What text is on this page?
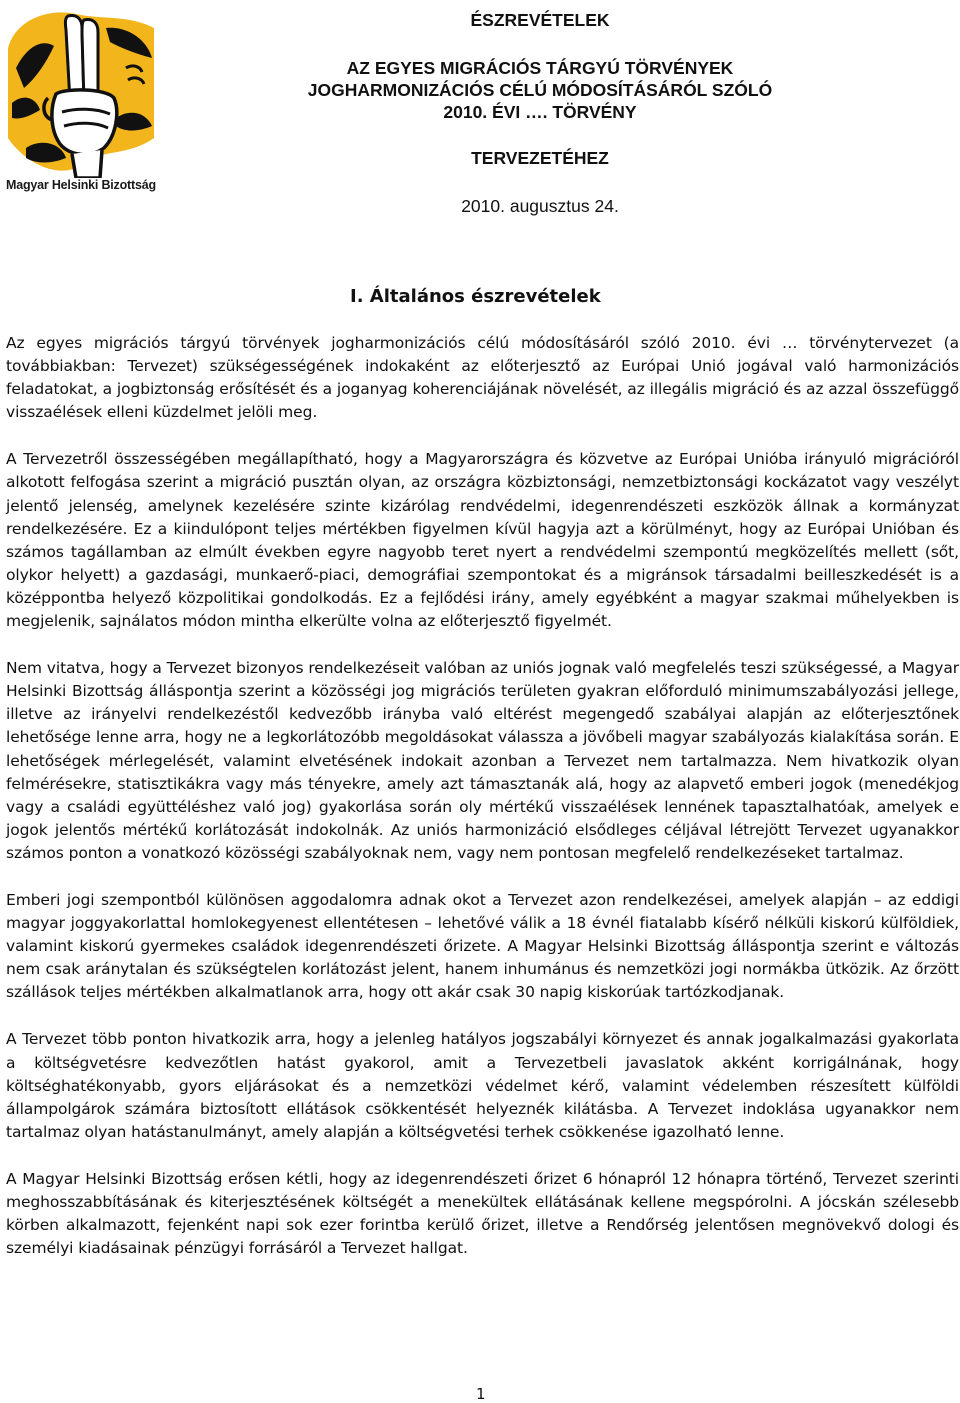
Magyar Helsinki Bizottság
ÉSZREVÉTELEK
AZ EGYES MIGRÁCIÓS TÁRGYÚ TÖRVÉNYEK
JOGHARMONIZÁCIÓS CÉLÚ MÓDOSÍTÁSÁRÓL SZÓLÓ
2010. ÉVI …. TÖRVÉNY
TERVEZETÉHEZ
2010. augusztus 24.
I. Általános észrevételek

Az egyes migrációs tárgyú törvények jogharmonizációs célú módosításáról szóló 2010. évi … törvénytervezet (a továbbiakban: Tervezet) szükségességének indokaként az előterjesztő az Európai Unió jogával való harmonizációs feladatokat, a jogbiztonság erősítését és a joganyag koherenciájának növelését, az illegális migráció és az azzal összefüggő visszaélések elleni küzdelmet jelöli meg.

A Tervezetről összességében megállapítható, hogy a Magyarországra és közvetve az Európai Unióba irányuló migrációról alkotott felfogása szerint a migráció pusztán olyan, az országra közbiztonsági, nemzetbiztonsági kockázatot vagy veszélyt jelentő jelenség, amelynek kezelésére szinte kizárólag rendvédelmi, idegenrendészeti eszközök állnak a kormányzat rendelkezésére. Ez a kiindulópont teljes mértékben figyelmen kívül hagyja azt a körülményt, hogy az Európai Unióban és számos tagállamban az elmúlt években egyre nagyobb teret nyert a rendvédelmi szempontú megközelítés mellett (sőt, olykor helyett) a gazdasági, munkaerő-piaci, demográfiai szempontokat és a migránsok társadalmi beilleszkedését is a középpontba helyező közpolitikai gondolkodás. Ez a fejlődési irány, amely egyébként a magyar szakmai műhelyekben is megjelenik, sajnálatos módon mintha elkerülte volna az előterjesztő figyelmét.

Nem vitatva, hogy a Tervezet bizonyos rendelkezéseit valóban az uniós jognak való megfelelés teszi szükségessé, a Magyar Helsinki Bizottság álláspontja szerint a közösségi jog migrációs területen gyakran előforduló minimumszabályozási jellege, illetve az irányelvi rendelkezéstől kedvezőbb irányba való eltérést megengedő szabályai alapján az előterjesztőnek lehetősége lenne arra, hogy ne a legkorlátozóbb megoldásokat válassza a jövőbeli magyar szabályozás kialakítása során. E lehetőségek mérlegelését, valamint elvetésének indokait azonban a Tervezet nem tartalmazza. Nem hivatkozik olyan felmérésekre, statisztikákra vagy más tényekre, amely azt támasztanák alá, hogy az alapvető emberi jogok (menedékjog vagy a családi együttéléshez való jog) gyakorlása során oly mértékű visszaélések lennének tapasztalhatóak, amelyek e jogok jelentős mértékű korlátozását indokolnák. Az uniós harmonizáció elsődleges céljával létrejött Tervezet ugyanakkor számos ponton a vonatkozó közösségi szabályoknak nem, vagy nem pontosan megfelelő rendelkezéseket tartalmaz.

Emberi jogi szempontból különösen aggodalomra adnak okot a Tervezet azon rendelkezései, amelyek alapján – az eddigi magyar joggyakorlattal homlokegyenest ellentétesen – lehetővé válik a 18 évnél fiatalabb kísérő nélküli kiskorú külföldiek, valamint kiskorú gyermekes családok idegenrendészeti őrizete. A Magyar Helsinki Bizottság álláspontja szerint e változás nem csak aránytalan és szükségtelen korlátozást jelent, hanem inhumánus és nemzetközi jogi normákba ütközik. Az őrzött szállások teljes mértékben alkalmatlanok arra, hogy ott akár csak 30 napig kiskorúak tartózkodjanak.

A Tervezet több ponton hivatkozik arra, hogy a jelenleg hatályos jogszabályi környezet és annak jogalkalmazási gyakorlata a költségvetésre kedvezőtlen hatást gyakorol, amit a Tervezetbeli javaslatok akként korrigálnának, hogy költséghatékonyabb, gyors eljárásokat és a nemzetközi védelmet kérő, valamint védelemben részesített külföldi állampolgárok számára biztosított ellátások csökkentését helyeznék kilátásba. A Tervezet indoklása ugyanakkor nem tartalmaz olyan hatástanulmányt, amely alapján a költségvetési terhek csökkenése igazolható lenne.

A Magyar Helsinki Bizottság erősen kétli, hogy az idegenrendészeti őrizet 6 hónapról 12 hónapra történő, Tervezet szerinti meghosszabbításának és kiterjesztésének költségét a menekültek ellátásának kellene megspórolni. A jócskán szélesebb körben alkalmazott, fejenként napi sok ezer forintba kerülő őrizet, illetve a Rendőrség jelentősen megnövekvő dologi és személyi kiadásainak pénzügyi forrásáról a Tervezet hallgat.

1
